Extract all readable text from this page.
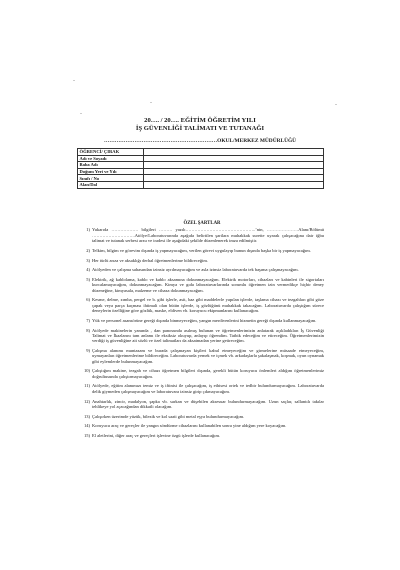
-
-	-
-
20…. / 20…. EĞİTİM ÖĞRETİM YILI
İŞ GÜVENLİĞİ TALİMATI VE TUTANAĞI
………………………………………………………OKUL/MERKEZ MÜDÜRLÜĞÜ
ÖĞRENCİ/ ÇIRAK	
Adı ve Soyadı	
Baba Adı	
Doğum Yeri ve Yılı	
Sınıfı / No	
Alan/Dal	
ÖZEL ŞARTLAR
1) Yukarıda ……………… bilgileri ……… yazılı………………………………………..’nin, …………………Alanı/Bölümü ………………………..Atölye/Laboratuvarında aşağıda belirtilen şartlara muhakkak surette uyarak çalışacağına dair iğbu talimat ve tutanak serbest arzu ve iradesi ile aşağıdaki şekilde düzenlenerek imza edilmiştir.
2) Telkim, bilgim ve görevim dışında iş yapmayacağım, verilen görevi uygulayıp bunun dışında başka bir iş yapmayacağım.
3) Her türlü arıza ve aksaklığı derhal öğretmenlerime bildireceğim.
4) Atölyeden ve çalışma sahasından izinsiz ayrılmayacağım ve asla izinsiz laboratuvarda tek başıma çalışmayacağım.
5) Elektrik, ağ kablolama, kablo ve kablo aksamına dokunmayacağım. Elektrik motorları, cihazları ve kabinleri ile sigortaları kurcalamayacağım, dokunmayacağım. Kimya ve gıda laboratuvarlarında sorumlu öğretmen izin vermedikçe hiçbir deney düzeneğine, kimyasala, malzeme ve cihaza dokunmayacağım.
6) Kesme, delme, zımba, pergel ve b. gibi işlerle, asit, baz gibi maddelerle yapılan işlerde, taşlama cihazı ve tezgahları gibi göze çapak veya parça kaçması ihtimali olan bütün işlerde, iş gözlüğünü muhakkak takacağım. Laboratuvarda çalıştığım sürece deneylerin özelliğine göre gözlük, maske, eldiven vb. koruyucu ekipmanlarını kullanacağım.
7) Yük ve personel asansörüne gereği dışında binmeyeceğim, yangın merdivenlerini hizmetin gereği dışında kullanmayacağım.
8) Atölyede makinelerin yanında , dan panosunda asılmış bulunan ve öğretmenlerimizin anlatarak açıkladıkları İş Güvenliği Talimat ve İkazlarını tam anlamı ile eksiksiz okuyup, anlayıp öğrendim. Tatbik edeceğim ve etireceğim. Öğretmenlerimizin verdiği iş güvenliğine ait sözlü ve özel talimatları da aksatmadan yerine getireceğim.
9) Çalışma alanımı muntazam ve burada çalışmayan kişileri kabul etmeyeceğim ve girmelerine müsaade etmeyeceğim, uymayanları öğretmenlerime bildireceğim. Laboratuvarda yemek ve içmek vb. arkadaşlarla şakalaşmak, koşmak, oyun oynamak gibi eylemlerde bulunmayacağım.
10) Çalıştığım makine, tezgah ve cihazı öğretmen bilgileri dışında, gerekli bütün koruyucu önlemleri aldığım öğretmenlerimiz doğrultusunda çalıştırmayacağım.
11) Atölyede, eğitim alanımızı temiz ve iş iftinisi ile çalışacağım, iş ethisesi ortek ve tedbir bulundurmayacağım. Laboratuvarda delik giymeden çalışmayacağım ve laboratuvara izinsiz girip çıkmayacağım.
12) Anahtarlık, zincir, madalyon, şapka vb. sarkan ve düşebilen aksesuar bulundurmayacağım. Uzun saçlar, sallantılı takılar tehlikeye yol açacağından dikkatli olacağım.
13) Çalışırken üzerimde yüzük, bilezik ve kol saati gibi metal eşya bulundurmayacağım.
14) Koruyucu araç ve gereçler ile yangın söndürme cihazlarını kullanabilen sonra yine aldığım yere koyacağım.
15) El aletlerini, diğer araç ve gereçleri işlevine özgü işlerde kullanacağım.
